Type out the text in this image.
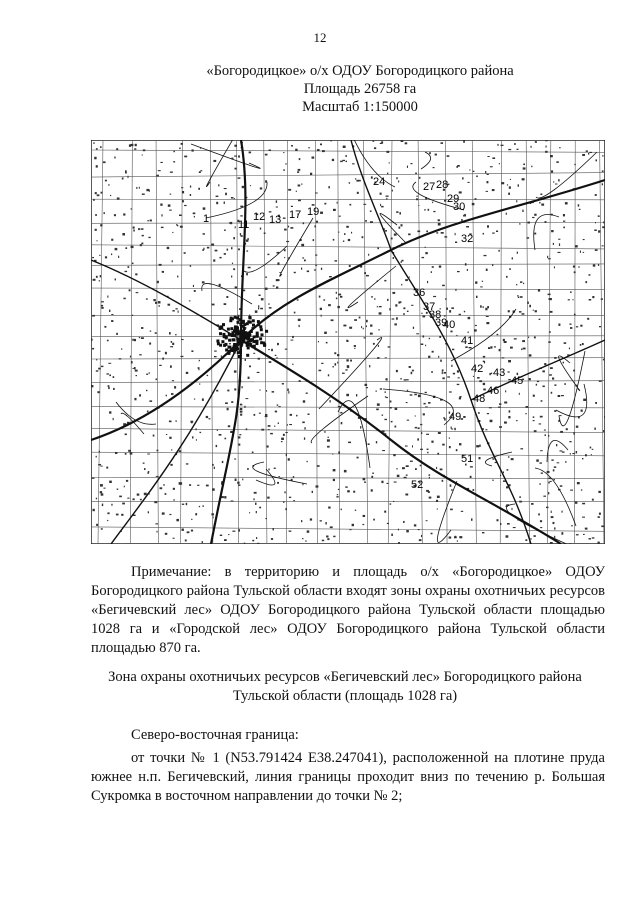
12
«Богородицкое» о/х ОДОУ Богородицкого района
Площадь 26758 га
Масштаб 1:150000
24	27 28
29
30
32
11
12 13 17 19
1
36
37
38
39
40
41
42 43
45
46
48
49
51
52

Примечание: в территорию и площадь о/х «Богородицкое» ОДОУ Богородицкого района Тульской области входят зоны охраны охотничьих ресурсов «Бегичевский лес» ОДОУ Богородицкого района Тульской области площадью 1028 га и «Городской лес» ОДОУ Богородицкого района Тульской области площадью 870 га.

Зона охраны охотничьих ресурсов «Бегичевский лес» Богородицкого района
Тульской области (площадь 1028 га)

Северо-восточная граница:

от точки № 1 (N53.791424 E38.247041), расположенной на плотине пруда южнее н.п. Бегичевский, линия границы проходит вниз по течению р. Большая Сукромка в восточном направлении до точки № 2;
